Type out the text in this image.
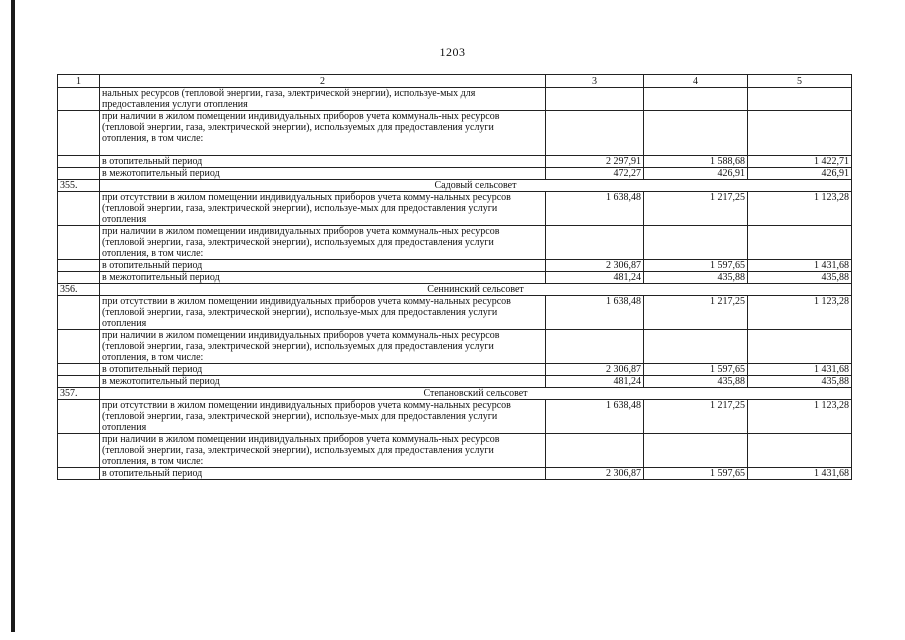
1203
1	2	3	4	5
	нальных ресурсов (тепловой энергии, газа, электрической энергии), используе-мых для предоставления услуги отопления			
	при наличии в жилом помещении индивидуальных приборов учета коммуналь-ных ресурсов (тепловой энергии, газа, электрической энергии), используемых для предоставления услуги отопления, в том числе:			
	в отопительный период	2 297,91	1 588,68	1 422,71
	в межотопительный период	472,27	426,91	426,91
355.	Садовый сельсовет			
	при отсутствии в жилом помещении индивидуальных приборов учета комму-нальных ресурсов (тепловой энергии, газа, электрической энергии), используе-мых для предоставления услуги отопления	1 638,48	1 217,25	1 123,28
	при наличии в жилом помещении индивидуальных приборов учета коммуналь-ных ресурсов (тепловой энергии, газа, электрической энергии), используемых для предоставления услуги отопления, в том числе:			
	в отопительный период	2 306,87	1 597,65	1 431,68
	в межотопительный период	481,24	435,88	435,88
356.	Сеннинский сельсовет			
	при отсутствии в жилом помещении индивидуальных приборов учета комму-нальных ресурсов (тепловой энергии, газа, электрической энергии), используе-мых для предоставления услуги отопления	1 638,48	1 217,25	1 123,28
	при наличии в жилом помещении индивидуальных приборов учета коммуналь-ных ресурсов (тепловой энергии, газа, электрической энергии), используемых для предоставления услуги отопления, в том числе:			
	в отопительный период	2 306,87	1 597,65	1 431,68
	в межотопительный период	481,24	435,88	435,88
357.	Степановский сельсовет			
	при отсутствии в жилом помещении индивидуальных приборов учета комму-нальных ресурсов (тепловой энергии, газа, электрической энергии), используе-мых для предоставления услуги отопления	1 638,48	1 217,25	1 123,28
	при наличии в жилом помещении индивидуальных приборов учета коммуналь-ных ресурсов (тепловой энергии, газа, электрической энергии), используемых для предоставления услуги отопления, в том числе:			
	в отопительный период	2 306,87	1 597,65	1 431,68
